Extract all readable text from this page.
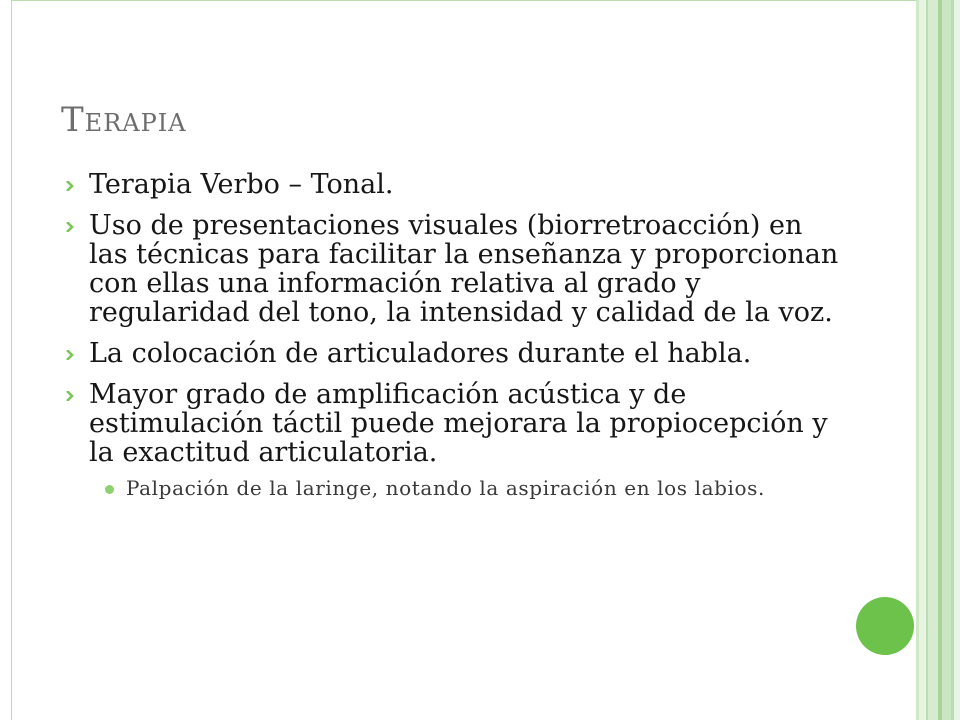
Terapia
Terapia Verbo – Tonal.
Uso de presentaciones visuales (biorretroacción) en las técnicas para facilitar la enseñanza y proporcionan con ellas una información relativa al grado y regularidad del tono, la intensidad y calidad de la voz.
La colocación de articuladores durante el habla.
Mayor grado de amplificación acústica y de estimulación táctil puede mejorara la propiocepción y la exactitud articulatoria.
Palpación de la laringe, notando la aspiración en los labios.
